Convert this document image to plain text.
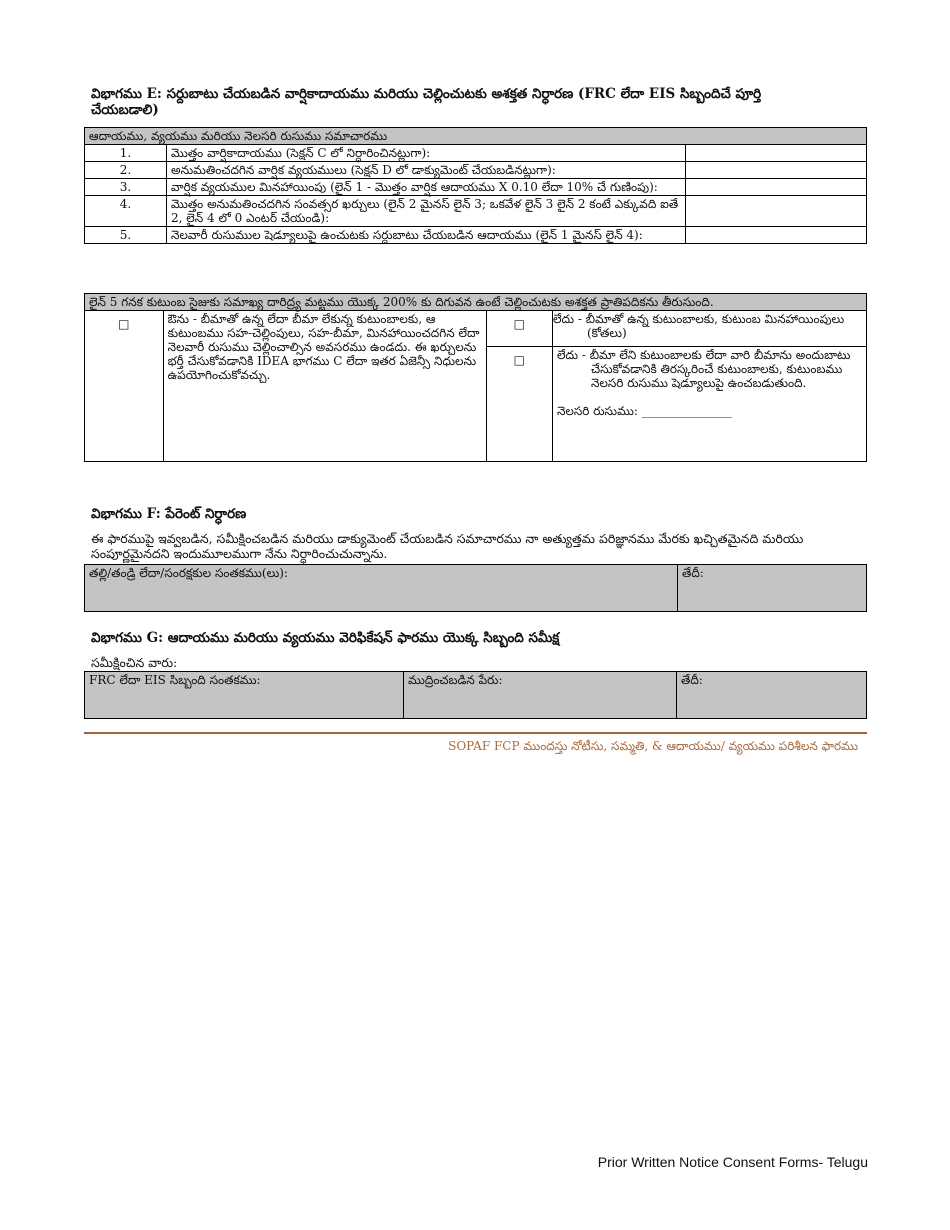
విభాగము E: సర్దుబాటు చేయబడిన వార్షికాదాయము మరియు చెల్లించుటకు అశక్తత నిర్ధారణ (FRC లేదా EIS సిబ్బందిచే పూర్తి చేయబడాలి)
ఆదాయము, వ్యయము మరియు నెలసరి రుసుము సమాచారము		
1.	మొత్తం వార్షికాదాయము (సెక్షన్ C లో నిర్ధారించినట్లుగా):	
2.	అనుమతించదగిన వార్షిక వ్యయములు (సెక్షన్ D లో డాక్యుమెంట్ చేయబడినట్లుగా):	
3.	వార్షిక వ్యయముల మినహాయింపు (లైన్ 1 - మొత్తం వార్షిక ఆదాయము X 0.10 లేదా 10% చే గుణింపు):	
4.	మొత్తం అనుమతించదగిన సంవత్సర ఖర్చులు (లైన్ 2 మైనస్ లైన్ 3; ఒకవేళ లైన్ 3 లైన్ 2 కంటే ఎక్కువది ఐతే 2, లైన్ 4 లో 0 ఎంటర్ చేయండి):	
5.	నెలవారీ రుసుముల షెడ్యూలుపై ఉంచుటకు సర్దుబాటు చేయబడిన ఆదాయము (లైన్ 1 మైనస్ లైన్ 4):	
లైన్ 5 గనక కుటుంబ సైజుకు సమాఖ్య దారిద్ర్య మట్టము యొక్క 200% కు దిగువన ఉంటే చెల్లించుటకు అశక్తత ప్రాతిపదికను తీరుసుంది.			
□	ఔను - బీమాతో ఉన్న లేదా బీమా లేకున్న కుటుంబాలకు, ఆ కుటుంబము సహ-చెల్లింపులు, సహ-బీమా, మినహాయించదగిన లేదా నెలవారీ రుసుము చెల్లించాల్సిన అవసరము ఉండదు. ఈ ఖర్చులను భర్తీ చేసుకోవడానికి IDEA భాగము C లేదా ఇతర ఏజెన్సీ నిధులను ఉపయోగించుకోవచ్చు.	□	లేదు - బీమాతో ఉన్న కుటుంబాలకు, కుటుంబ మినహాయింపులు (కోతలు)
		□	లేదు - బీమా లేని కుటుంబాలకు లేదా వారి బీమాను అందుబాటు చేసుకోవడానికి తిరస్కరించే కుటుంబాలకు, కుటుంబము నెలసరి రుసుము షెడ్యూలుపై ఉంచబడుతుంది.
నెలసరి రుసుము: _______________
విభాగము F: పేరెంట్ నిర్ధారణ
ఈ ఫారముపై ఇవ్వబడిన, సమీక్షించబడిన మరియు డాక్యుమెంట్ చేయబడిన సమాచారము నా అత్యుత్తమ పరిజ్ఞానము మేరకు ఖచ్చితమైనది మరియు సంపూర్ణమైనదని ఇందుమూలముగా నేను నిర్ధారించుచున్నాను.
తల్లి/తండ్రి లేదా/సంరక్షకుల సంతకము(లు):	తేదీ:
విభాగము G: ఆదాయము మరియు వ్యయము వెరిఫికేషన్ ఫారము యొక్క సిబ్బంది సమీక్ష
సమీక్షించిన వారు:
FRC లేదా EIS సిబ్బంది సంతకము:	ముద్రించబడిన పేరు:	తేదీ:
SOPAF FCP ముందస్తు నోటీసు, సమ్మతి, & ఆదాయము/ వ్యయము పరిశీలన ఫారము
Prior Written Notice Consent Forms- Telugu
